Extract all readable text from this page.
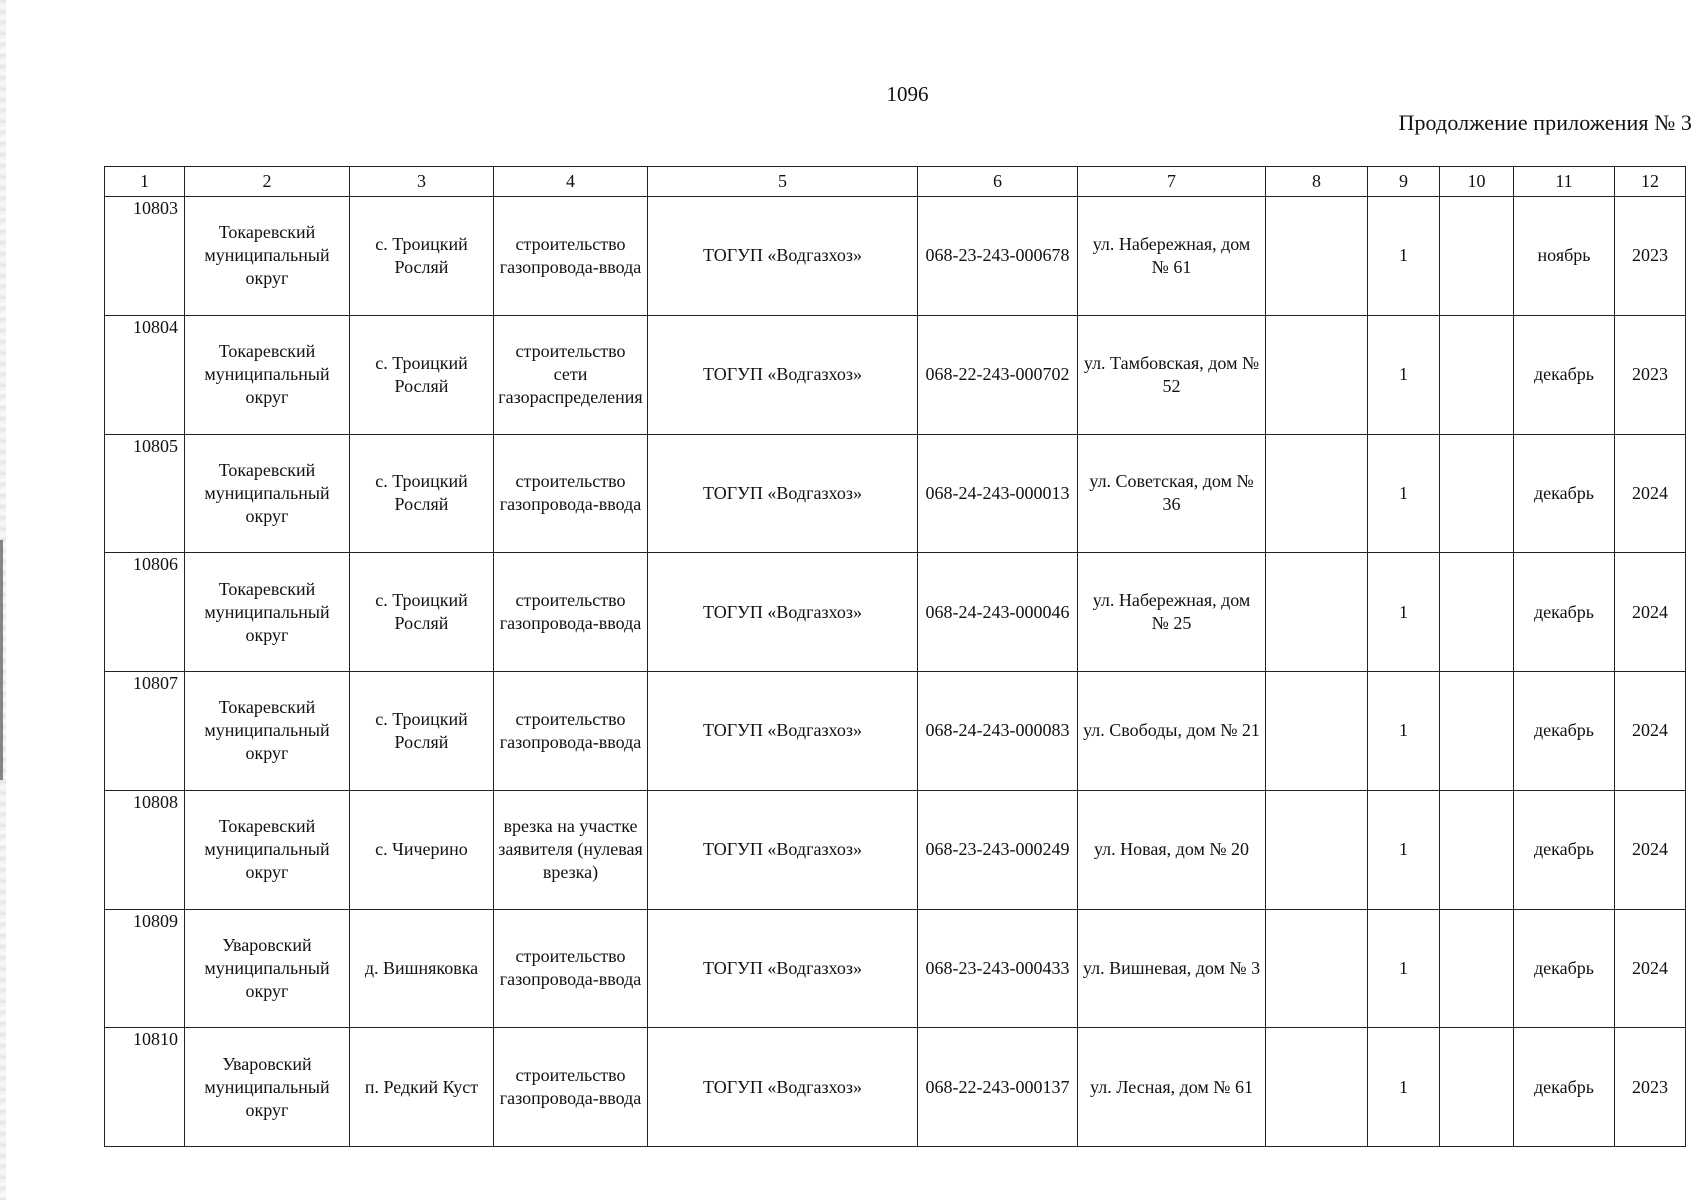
1096
Продолжение приложения № 3
1	2	3	4	5	6	7	8	9	10	11	12
10803	Токаревский муниципальный округ	с. Троицкий Росляй	строительство газопровода-ввода	ТОГУП «Водгазхоз»	068-23-243-000678	ул. Набережная, дом № 61		1		ноябрь	2023
10804	Токаревский муниципальный округ	с. Троицкий Росляй	строительство сети газораспределения	ТОГУП «Водгазхоз»	068-22-243-000702	ул. Тамбовская, дом № 52		1		декабрь	2023
10805	Токаревский муниципальный округ	с. Троицкий Росляй	строительство газопровода-ввода	ТОГУП «Водгазхоз»	068-24-243-000013	ул. Советская, дом № 36		1		декабрь	2024
10806	Токаревский муниципальный округ	с. Троицкий Росляй	строительство газопровода-ввода	ТОГУП «Водгазхоз»	068-24-243-000046	ул. Набережная, дом № 25		1		декабрь	2024
10807	Токаревский муниципальный округ	с. Троицкий Росляй	строительство газопровода-ввода	ТОГУП «Водгазхоз»	068-24-243-000083	ул. Свободы, дом № 21		1		декабрь	2024
10808	Токаревский муниципальный округ	с. Чичерино	врезка на участке заявителя (нулевая врезка)	ТОГУП «Водгазхоз»	068-23-243-000249	ул. Новая, дом № 20		1		декабрь	2024
10809	Уваровский муниципальный округ	д. Вишняковка	строительство газопровода-ввода	ТОГУП «Водгазхоз»	068-23-243-000433	ул. Вишневая, дом № 3		1		декабрь	2024
10810	Уваровский муниципальный округ	п. Редкий Куст	строительство газопровода-ввода	ТОГУП «Водгазхоз»	068-22-243-000137	ул. Лесная, дом № 61		1		декабрь	2023
